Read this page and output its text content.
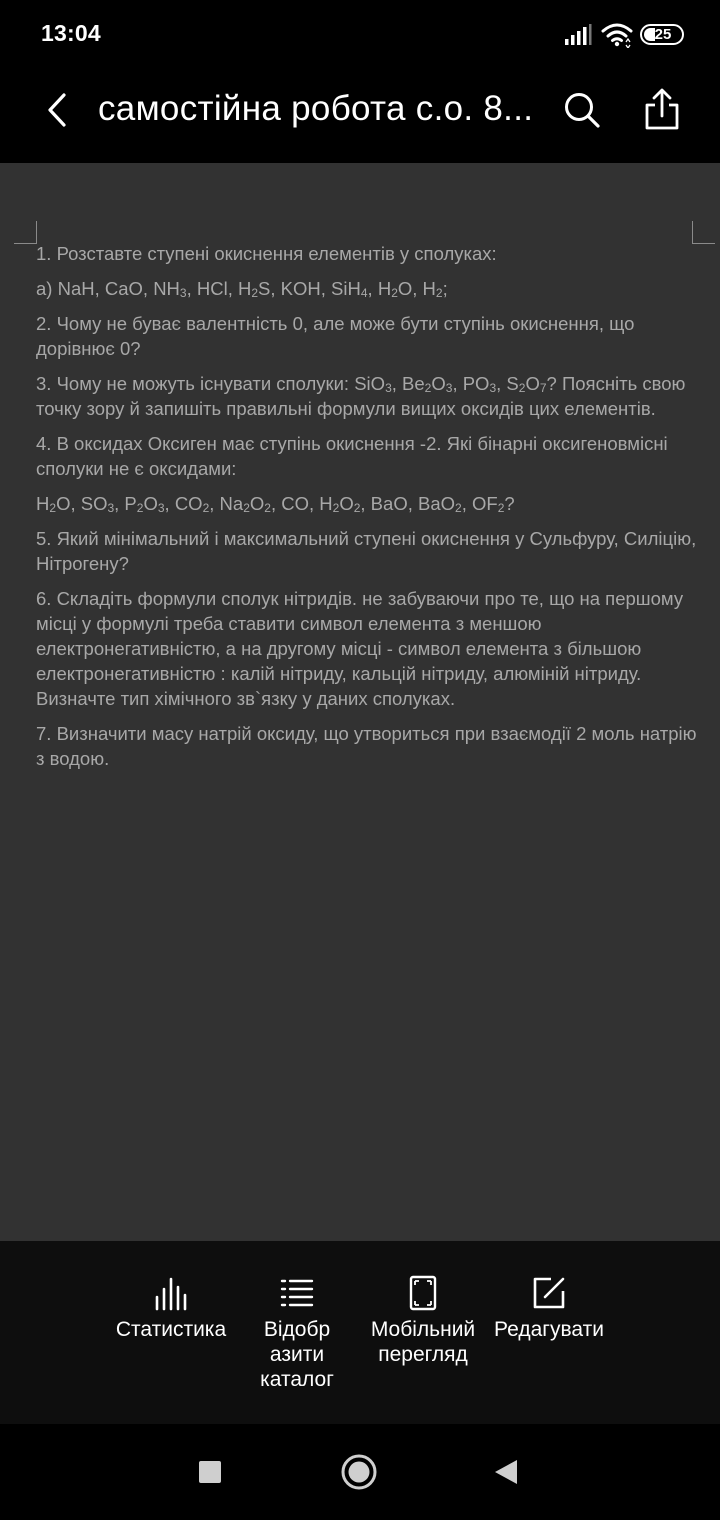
13:04	25
самостійна робота с.о. 8...

1. Розставте ступені окиснення елементів у сполуках:

а) NaH, CaO, $NH_3$, HCl, $H_2S$, KOH, SiH$_4$, $H_2O$, $H_2$;

2. Чому не буває валентність 0, але може бути ступінь окиснення, що дорівнює 0?

3. Чому не можуть існувати сполуки: SiO$_3$, $Be_2O_3$, $PO_3$, $S_2O_7$? Поясніть свою точку зору й запишіть правильні формули вищих оксидів цих елементів.

4. В оксидах Оксиген має ступінь окиснення -2. Які бінарні оксигеновмісні сполуки не є оксидами:

$H_2O$, $SO_3$, $P_2O_3$, $CO_2$, $Na_2O_2$, CO, $H_2O_2$, BaO, BaO$_2$, $OF_2$?

5. Який мінімальний і максимальний ступені окиснення у Сульфуру, Силіцію, Нітрогену?

6. Складіть формули сполук нітридів. не забуваючи про те, що на першому місці у формулі треба ставити символ елемента з меншою електронегативністю, а на другому місці - символ елемента з більшою електронегативністю : калій нітриду, кальцій нітриду, алюміній нітриду. Визначте тип хімічного зв`язку у даних сполуках.

7. Визначити масу натрій оксиду, що утвориться при взаємодії 2 моль натрію з водою.

Статистика	Відобр
азити
каталог
Мобільний
перегляд
Редагувати
